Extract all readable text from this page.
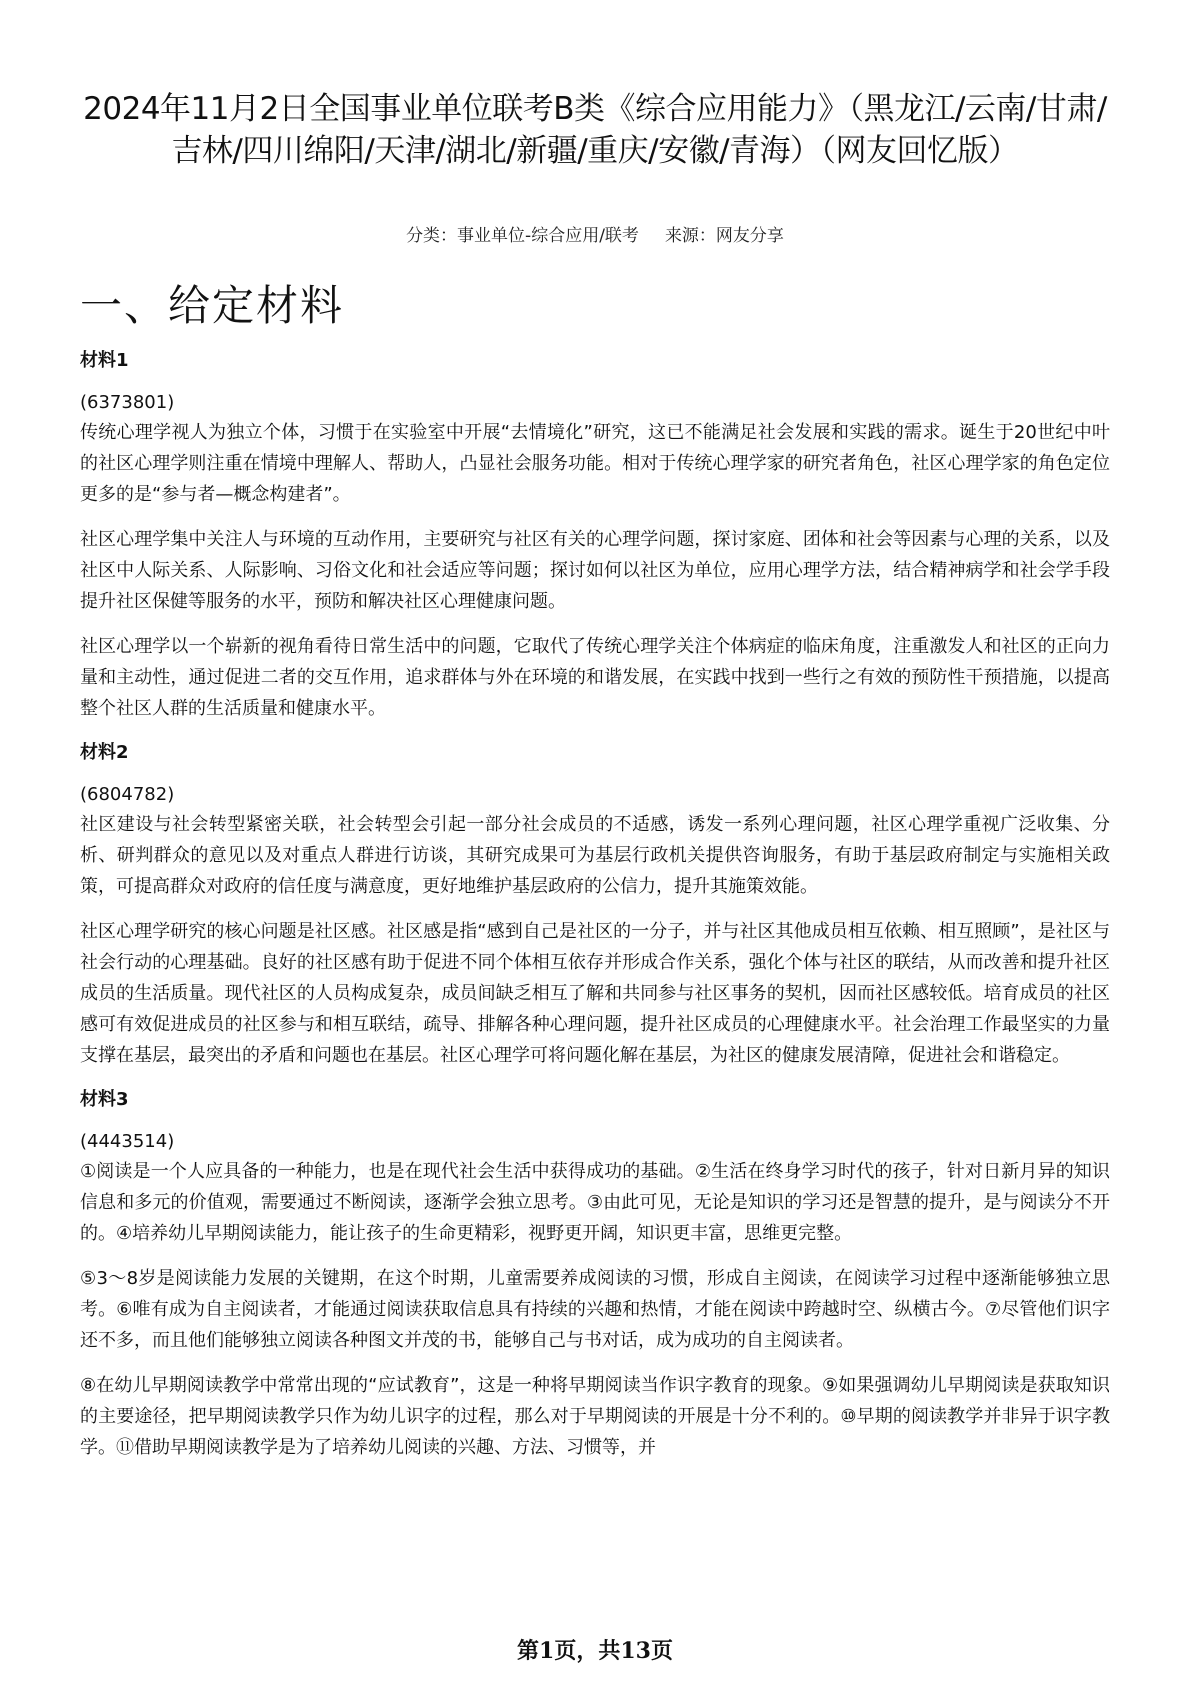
2024年11月2日全国事业单位联考B类《综合应用能力》（黑龙江/云南/甘肃/吉林/四川绵阳/天津/湖北/新疆/重庆/安徽/青海）（网友回忆版）
分类：事业单位-综合应用/联考 来源：网友分享
一、给定材料
材料1
(6373801)

传统心理学视人为独立个体，习惯于在实验室中开展“去情境化”研究，这已不能满足社会发展和实践的需求。诞生于20世纪中叶的社区心理学则注重在情境中理解人、帮助人，凸显社会服务功能。相对于传统心理学家的研究者角色，社区心理学家的角色定位更多的是“参与者—概念构建者”。

社区心理学集中关注人与环境的互动作用，主要研究与社区有关的心理学问题，探讨家庭、团体和社会等因素与心理的关系，以及社区中人际关系、人际影响、习俗文化和社会适应等问题；探讨如何以社区为单位，应用心理学方法，结合精神病学和社会学手段提升社区保健等服务的水平，预防和解决社区心理健康问题。

社区心理学以一个崭新的视角看待日常生活中的问题，它取代了传统心理学关注个体病症的临床角度，注重激发人和社区的正向力量和主动性，通过促进二者的交互作用，追求群体与外在环境的和谐发展，在实践中找到一些行之有效的预防性干预措施，以提高整个社区人群的生活质量和健康水平。

材料2
(6804782)

社区建设与社会转型紧密关联，社会转型会引起一部分社会成员的不适感，诱发一系列心理问题，社区心理学重视广泛收集、分析、研判群众的意见以及对重点人群进行访谈，其研究成果可为基层行政机关提供咨询服务，有助于基层政府制定与实施相关政策，可提高群众对政府的信任度与满意度，更好地维护基层政府的公信力，提升其施策效能。

社区心理学研究的核心问题是社区感。社区感是指“感到自己是社区的一分子，并与社区其他成员相互依赖、相互照顾”，是社区与社会行动的心理基础。良好的社区感有助于促进不同个体相互依存并形成合作关系，强化个体与社区的联结，从而改善和提升社区成员的生活质量。现代社区的人员构成复杂，成员间缺乏相互了解和共同参与社区事务的契机，因而社区感较低。培育成员的社区感可有效促进成员的社区参与和相互联结，疏导、排解各种心理问题，提升社区成员的心理健康水平。社会治理工作最坚实的力量支撑在基层，最突出的矛盾和问题也在基层。社区心理学可将问题化解在基层，为社区的健康发展清障，促进社会和谐稳定。

材料3
(4443514)

①阅读是一个人应具备的一种能力，也是在现代社会生活中获得成功的基础。②生活在终身学习时代的孩子，针对日新月异的知识信息和多元的价值观，需要通过不断阅读，逐渐学会独立思考。③由此可见，无论是知识的学习还是智慧的提升，是与阅读分不开的。④培养幼儿早期阅读能力，能让孩子的生命更精彩，视野更开阔，知识更丰富，思维更完整。

⑤3～8岁是阅读能力发展的关键期，在这个时期，儿童需要养成阅读的习惯，形成自主阅读，在阅读学习过程中逐渐能够独立思考。⑥唯有成为自主阅读者，才能通过阅读获取信息具有持续的兴趣和热情，才能在阅读中跨越时空、纵横古今。⑦尽管他们识字还不多，而且他们能够独立阅读各种图文并茂的书，能够自己与书对话，成为成功的自主阅读者。

⑧在幼儿早期阅读教学中常常出现的“应试教育”，这是一种将早期阅读当作识字教育的现象。⑨如果强调幼儿早期阅读是获取知识的主要途径，把早期阅读教学只作为幼儿识字的过程，那么对于早期阅读的开展是十分不利的。⑩早期的阅读教学并非异于识字教学。⑪借助早期阅读教学是为了培养幼儿阅读的兴趣、方法、习惯等，并

第1页，共13页
